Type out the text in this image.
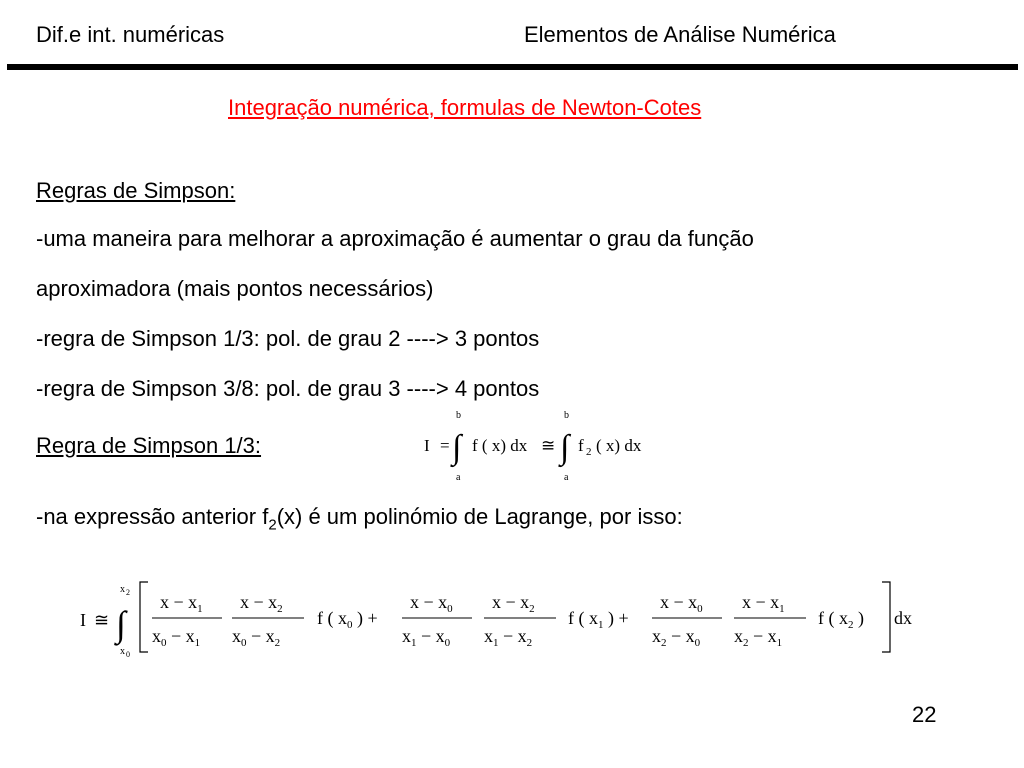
Dif.e int. numéricas	Elementos de Análise Numérica
Integração numérica, formulas de Newton-Cotes
Regras de Simpson:
-uma maneira para melhorar a aproximação é aumentar o grau da função
aproximadora (mais pontos necessários)
-regra de Simpson 1/3: pol. de grau 2 ----> 3 pontos
-regra de Simpson 3/8: pol. de grau 3 ----> 4 pontos
Regra de Simpson 1/3:	I =
b
∫
a
f ( x) dx ≅
b
∫
a
f 2 ( x) dx
-na expressão anterior $f_2(x)$ é um polinómio de Lagrange, por isso:
I ≅
x 2
∫
x 0
$x - x_1$
$x_0 - x_1$
$x - x_2$
$x_0 - x_2$
f ( $x_0$ ) +
$x - x_0$
$x_1 - x_0$
$x - x_2$
$x_1 - x_2$
f ( $x_1$ ) +
$x - x_0$
$x_2 - x_0$
$x - x_1$
$x_2 - x_1$
f ( $x_2$ ) dx
22
